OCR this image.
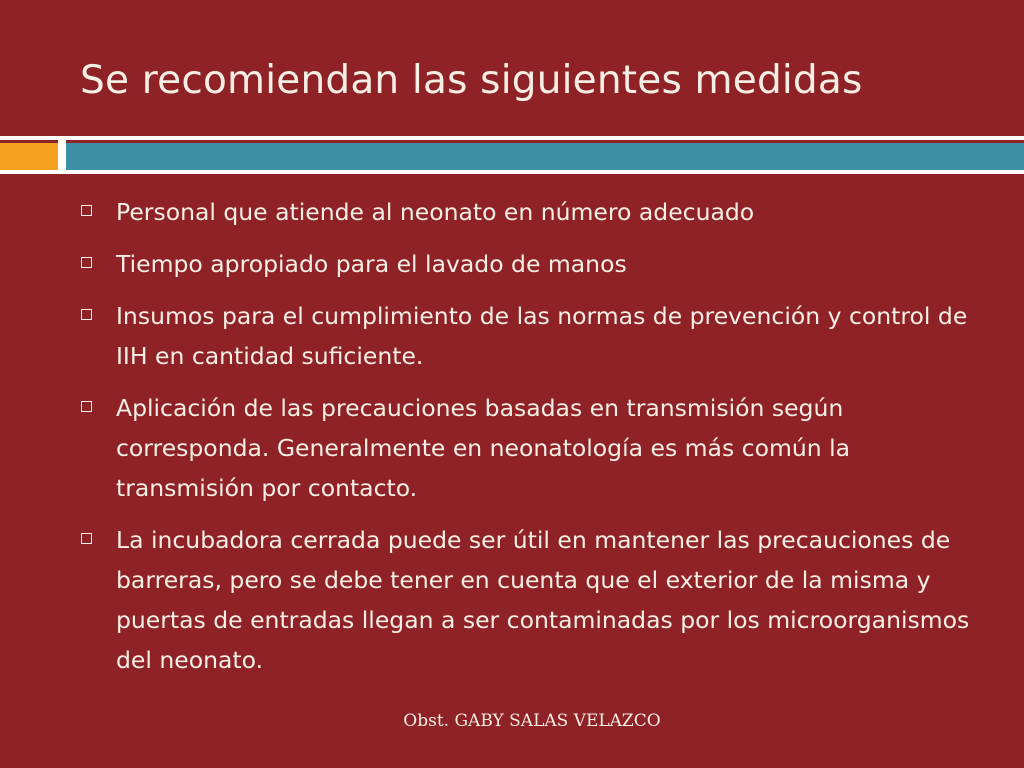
Se recomiendan las siguientes medidas
Personal que atiende al neonato en número adecuado
Tiempo apropiado para el lavado de manos
Insumos para el cumplimiento de las normas de prevención y control de IIH en cantidad suficiente.
Aplicación de las precauciones basadas en transmisión según corresponda. Generalmente en neonatología es más común la transmisión por contacto.
La incubadora cerrada puede ser útil en mantener las precauciones de barreras, pero se debe tener en cuenta que el exterior de la misma y puertas de entradas llegan a ser contaminadas por los microorganismos del neonato.
Obst. GABY SALAS VELAZCO
